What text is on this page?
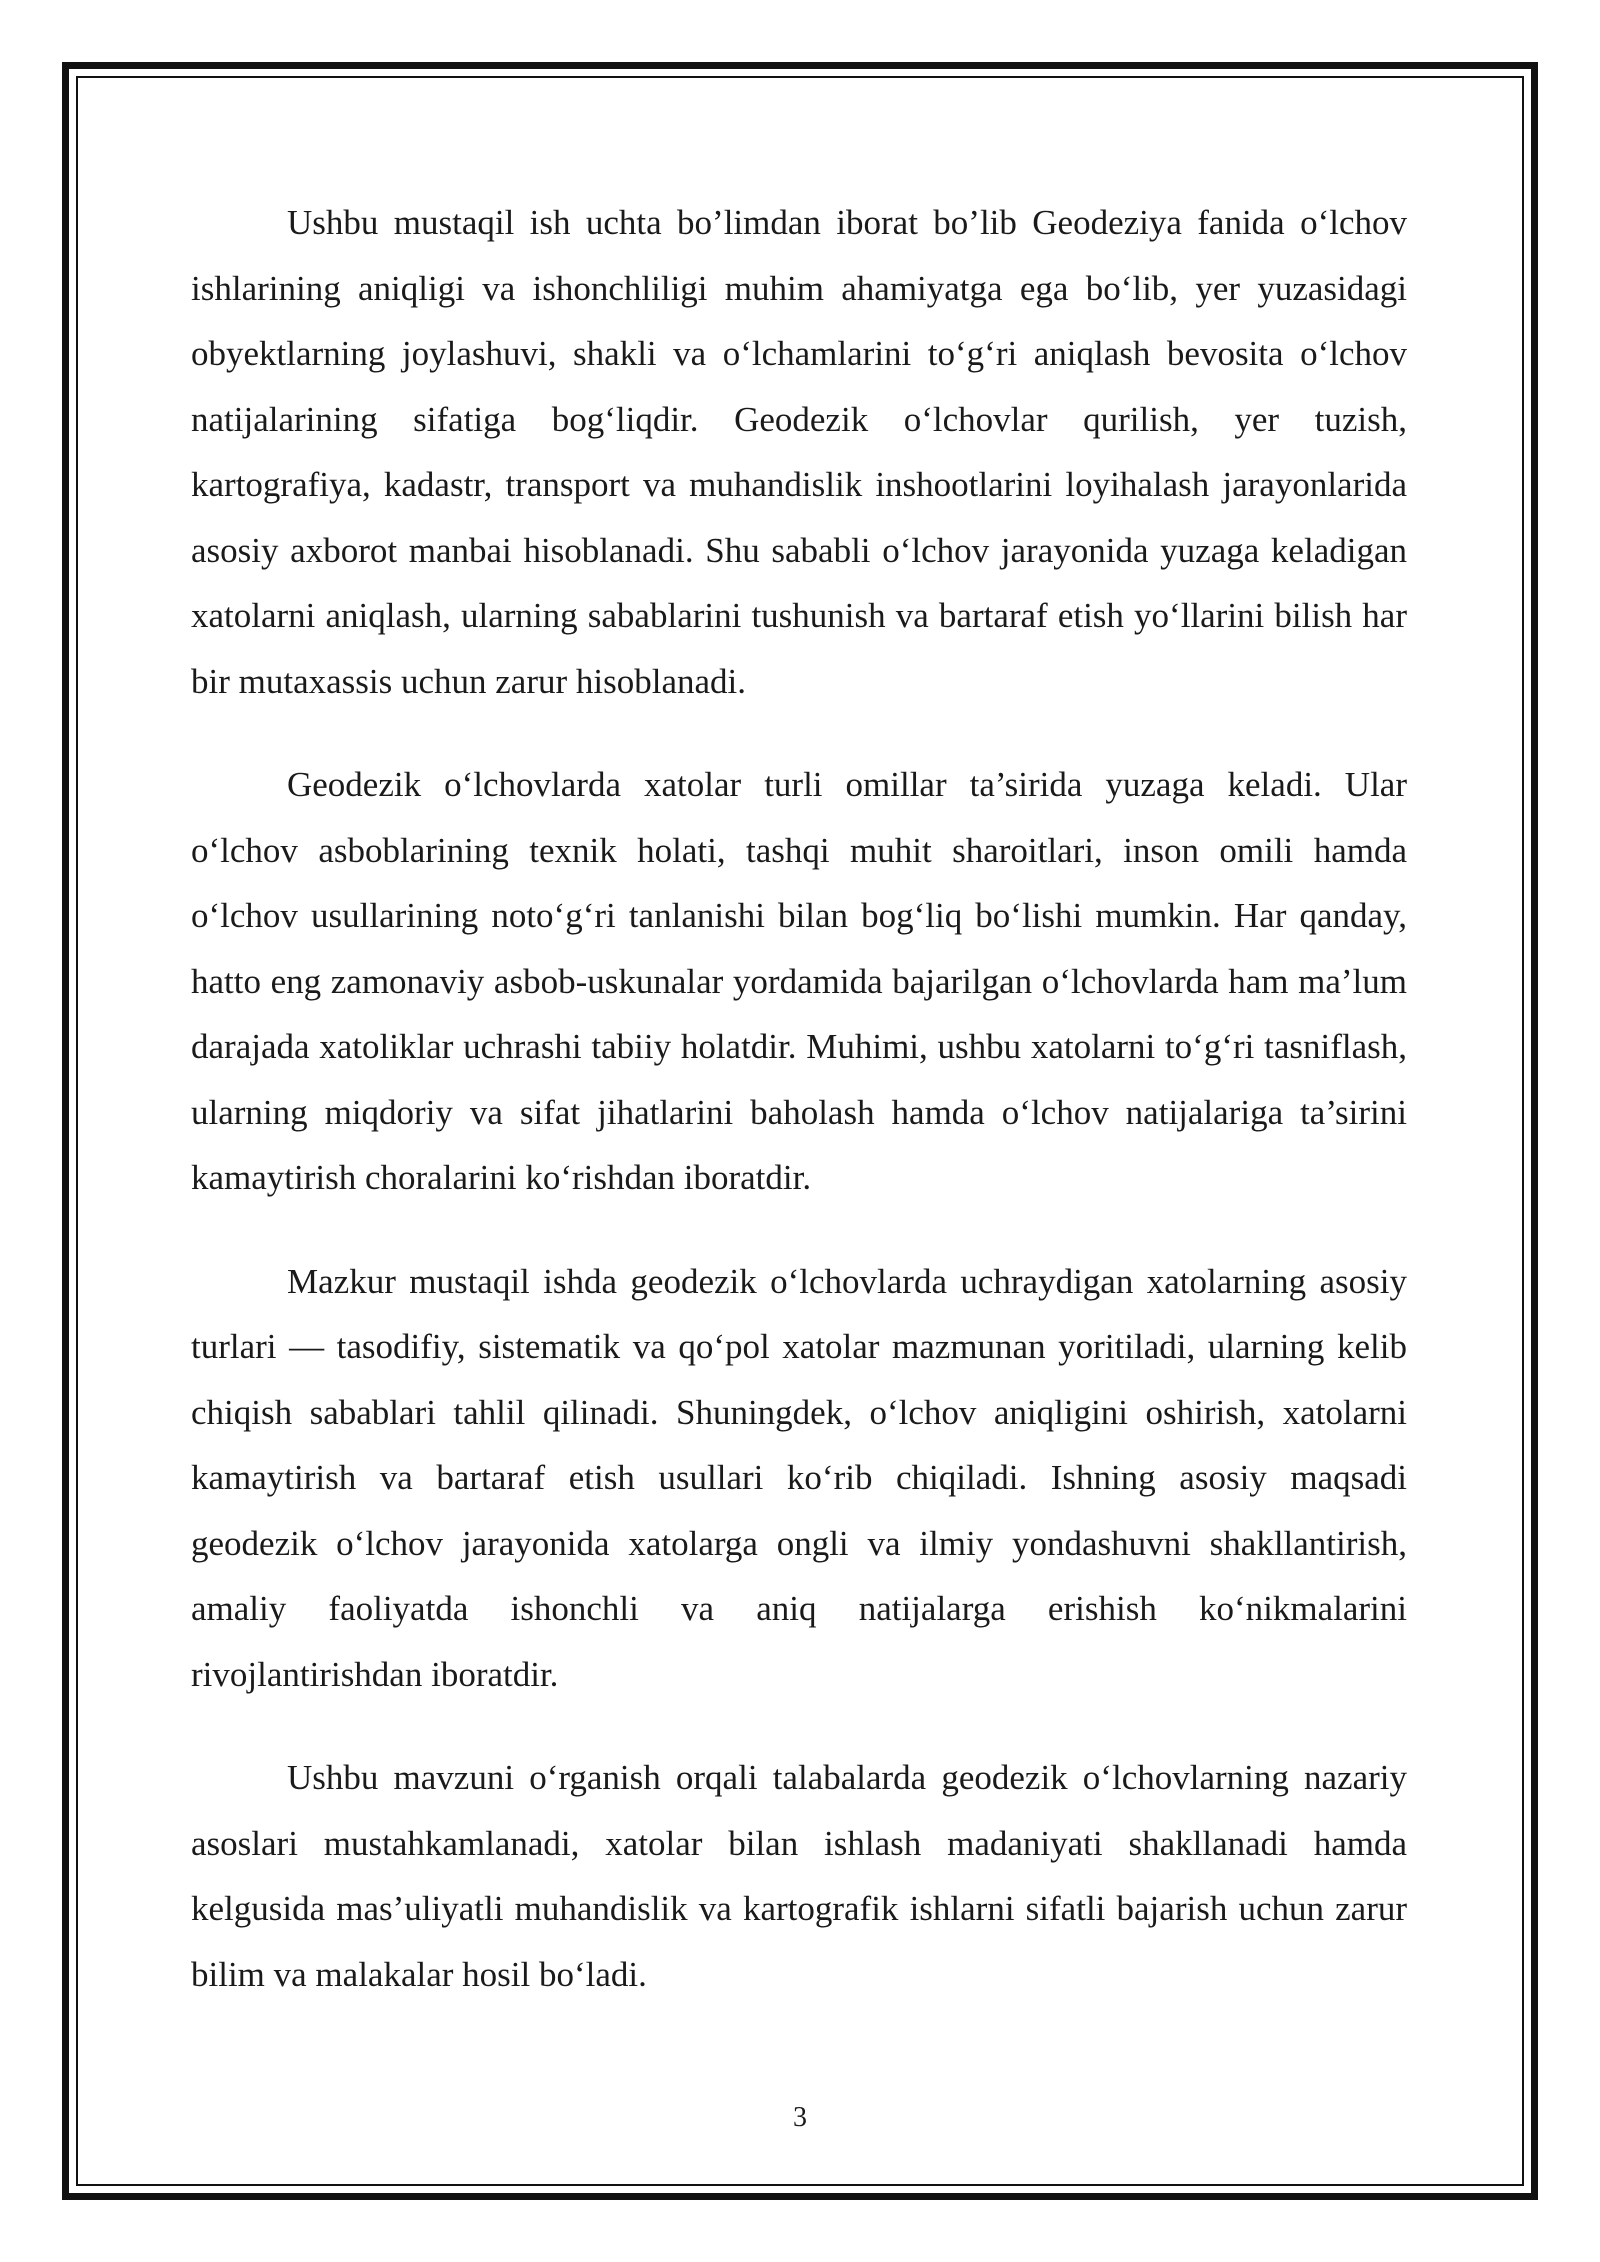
Ushbu mustaqil ish uchta bo’limdan iborat bo’lib Geodeziya fanida o‘lchov ishlarining aniqligi va ishonchliligi muhim ahamiyatga ega bo‘lib, yer yuzasidagi obyektlarning joylashuvi, shakli va o‘lchamlarini to‘g‘ri aniqlash bevosita o‘lchov natijalarining sifatiga bog‘liqdir. Geodezik o‘lchovlar qurilish, yer tuzish, kartografiya, kadastr, transport va muhandislik inshootlarini loyihalash jarayonlarida asosiy axborot manbai hisoblanadi. Shu sababli o‘lchov jarayonida yuzaga keladigan xatolarni aniqlash, ularning sabablarini tushunish va bartaraf etish yo‘llarini bilish har bir mutaxassis uchun zarur hisoblanadi.

Geodezik o‘lchovlarda xatolar turli omillar ta’sirida yuzaga keladi. Ular o‘lchov asboblarining texnik holati, tashqi muhit sharoitlari, inson omili hamda o‘lchov usullarining noto‘g‘ri tanlanishi bilan bog‘liq bo‘lishi mumkin. Har qanday, hatto eng zamonaviy asbob-uskunalar yordamida bajarilgan o‘lchovlarda ham ma’lum darajada xatoliklar uchrashi tabiiy holatdir. Muhimi, ushbu xatolarni to‘g‘ri tasniflash, ularning miqdoriy va sifat jihatlarini baholash hamda o‘lchov natijalariga ta’sirini kamaytirish choralarini ko‘rishdan iboratdir.

Mazkur mustaqil ishda geodezik o‘lchovlarda uchraydigan xatolarning asosiy turlari — tasodifiy, sistematik va qo‘pol xatolar mazmunan yoritiladi, ularning kelib chiqish sabablari tahlil qilinadi. Shuningdek, o‘lchov aniqligini oshirish, xatolarni kamaytirish va bartaraf etish usullari ko‘rib chiqiladi. Ishning asosiy maqsadi geodezik o‘lchov jarayonida xatolarga ongli va ilmiy yondashuvni shakllantirish, amaliy faoliyatda ishonchli va aniq natijalarga erishish ko‘nikmalarini rivojlantirishdan iboratdir.

Ushbu mavzuni o‘rganish orqali talabalarda geodezik o‘lchovlarning nazariy asoslari mustahkamlanadi, xatolar bilan ishlash madaniyati shakllanadi hamda kelgusida mas’uliyatli muhandislik va kartografik ishlarni sifatli bajarish uchun zarur bilim va malakalar hosil bo‘ladi.

3
